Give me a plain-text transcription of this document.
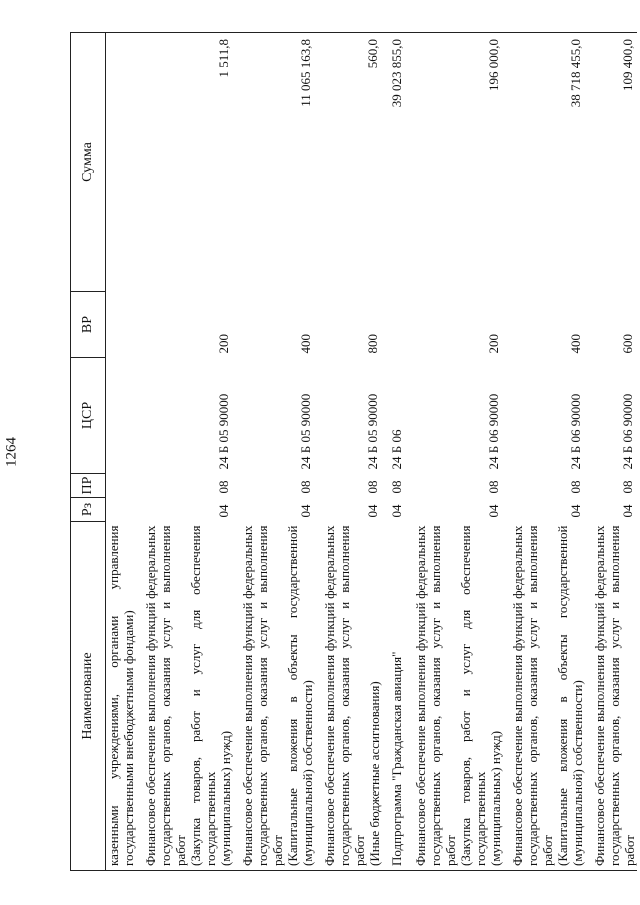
1264
Наименование	Рз	ПР	ЦСР	ВР	Сумма

казенными учреждениями, органами управления государственными внебюджетными фондами)					

Финансовое обеспечение выполнения функций федеральных государственных органов, оказания услуг и выполнения работ (Закупка товаров, работ и услуг для обеспечения государственных (муниципальных) нужд)	04	08	24 Б 05 90000	200	1 511,8

Финансовое обеспечение выполнения функций федеральных государственных органов, оказания услуг и выполнения работ (Капитальные вложения в объекты государственной (муниципальной) собственности)	04	08	24 Б 05 90000	400	11 065 163,8

Финансовое обеспечение выполнения функций федеральных государственных органов, оказания услуг и выполнения работ (Иные бюджетные ассигнования)	04	08	24 Б 05 90000	800	560,0

Подпрограмма "Гражданская авиация"	04	08	24 Б 06		39 023 855,0

Финансовое обеспечение выполнения функций федеральных государственных органов, оказания услуг и выполнения работ (Закупка товаров, работ и услуг для обеспечения государственных (муниципальных) нужд)	04	08	24 Б 06 90000	200	196 000,0

Финансовое обеспечение выполнения функций федеральных государственных органов, оказания услуг и выполнения работ (Капитальные вложения в объекты государственной (муниципальной) собственности)	04	08	24 Б 06 90000	400	38 718 455,0

Финансовое обеспечение выполнения функций федеральных государственных органов, оказания услуг и выполнения работ	04	08	24 Б 06 90000	600	109 400,0
